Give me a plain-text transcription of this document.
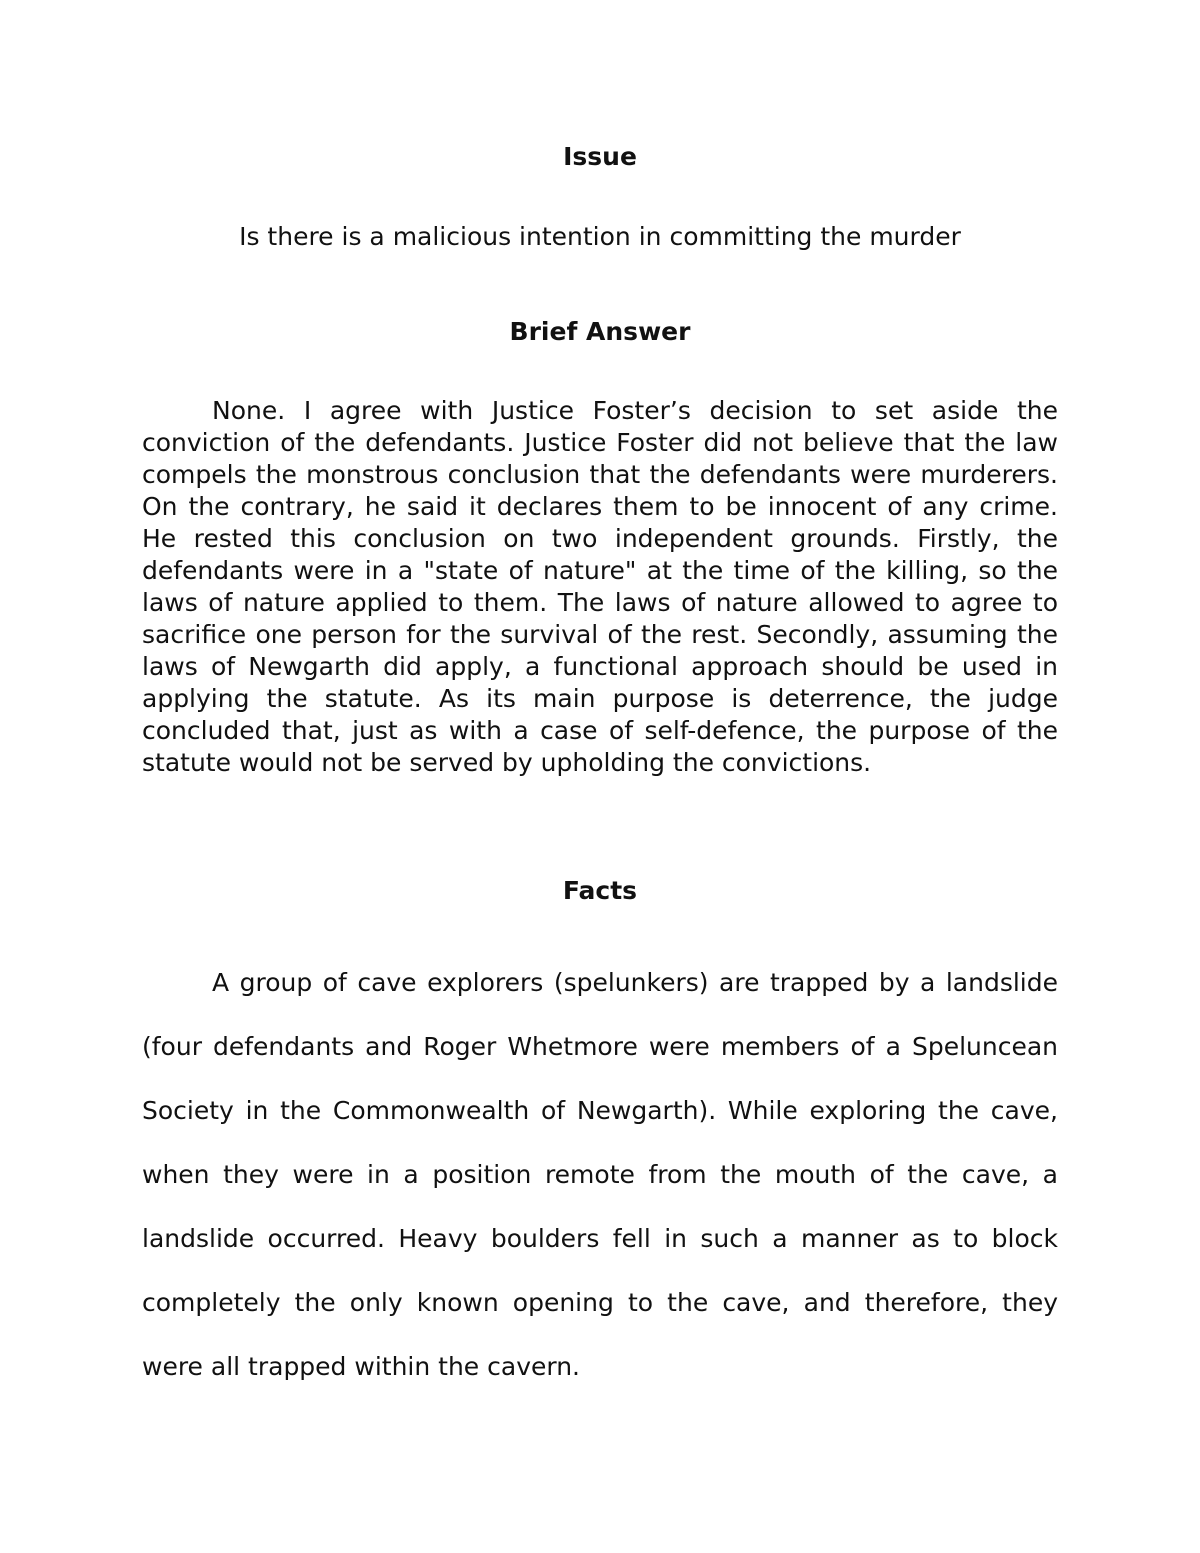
Issue

Is there is a malicious intention in committing the murder

Brief Answer

None. I agree with Justice Foster’s decision to set aside the conviction of the defendants. Justice Foster did not believe that the law compels the monstrous conclusion that the defendants were murderers. On the contrary, he said it declares them to be innocent of any crime. He rested this conclusion on two independent grounds. Firstly, the defendants were in a "state of nature" at the time of the killing, so the laws of nature applied to them. The laws of nature allowed to agree to sacrifice one person for the survival of the rest. Secondly, assuming the laws of Newgarth did apply, a functional approach should be used in applying the statute. As its main purpose is deterrence, the judge concluded that, just as with a case of self-defence, the purpose of the statute would not be served by upholding the convictions.

Facts

A group of cave explorers (spelunkers) are trapped by a landslide (four defendants and Roger Whetmore were members of a Speluncean Society in the Commonwealth of Newgarth). While exploring the cave, when they were in a position remote from the mouth of the cave, a landslide occurred. Heavy boulders fell in such a manner as to block completely the only known opening to the cave, and therefore, they were all trapped within the cavern.
